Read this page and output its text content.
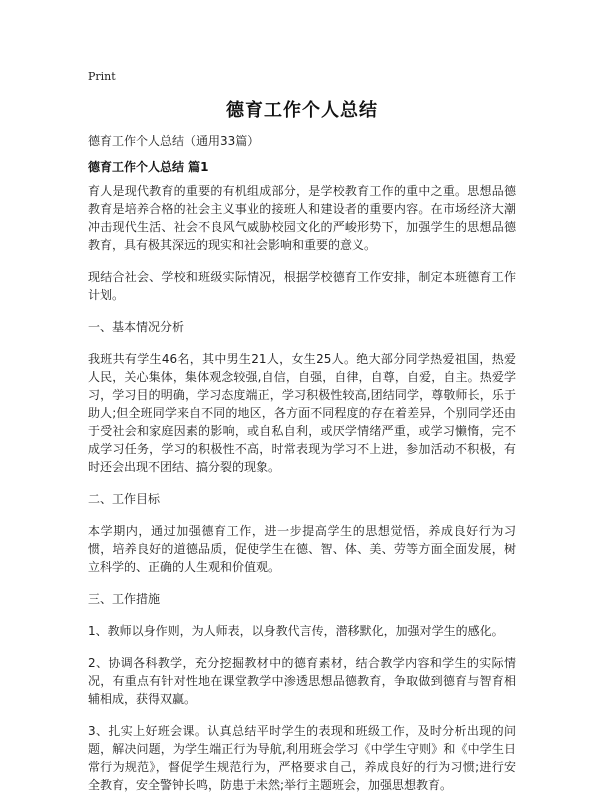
Print
德育工作个人总结
德育工作个人总结（通用33篇）
德育工作个人总结 篇1

育人是现代教育的重要的有机组成部分，是学校教育工作的重中之重。思想品德教育是培养合格的社会主义事业的接班人和建设者的重要内容。在市场经济大潮冲击现代生活、社会不良风气威胁校园文化的严峻形势下，加强学生的思想品德教育，具有极其深远的现实和社会影响和重要的意义。

现结合社会、学校和班级实际情况，根据学校德育工作安排，制定本班德育工作计划。

一、基本情况分析

我班共有学生46名，其中男生21人，女生25人。绝大部分同学热爱祖国，热爱人民，关心集体，集体观念较强,自信，自强，自律，自尊，自爱，自主。热爱学习，学习目的明确，学习态度端正，学习积极性较高,团结同学，尊敬师长，乐于助人;但全班同学来自不同的地区，各方面不同程度的存在着差异，个别同学还由于受社会和家庭因素的影响，或自私自利，或厌学情绪严重，或学习懒惰，完不成学习任务，学习的积极性不高，时常表现为学习不上进，参加活动不积极，有时还会出现不团结、搞分裂的现象。

二、工作目标

本学期内，通过加强德育工作，进一步提高学生的思想觉悟，养成良好行为习惯，培养良好的道德品质，促使学生在德、智、体、美、劳等方面全面发展，树立科学的、正确的人生观和价值观。

三、工作措施

1、教师以身作则，为人师表，以身教代言传，潜移默化，加强对学生的感化。

2、协调各科教学，充分挖掘教材中的德育素材，结合教学内容和学生的实际情况，有重点有针对性地在课堂教学中渗透思想品德教育，争取做到德育与智育相辅相成，获得双赢。

3、扎实上好班会课。认真总结平时学生的表现和班级工作，及时分析出现的问题，解决问题，为学生端正行为导航,利用班会学习《中学生守则》和《中学生日常行为规范》，督促学生规范行为，严格要求自己，养成良好的行为习惯;进行安全教育，安全警钟长鸣，防患于未然;举行主题班会，加强思想教育。
